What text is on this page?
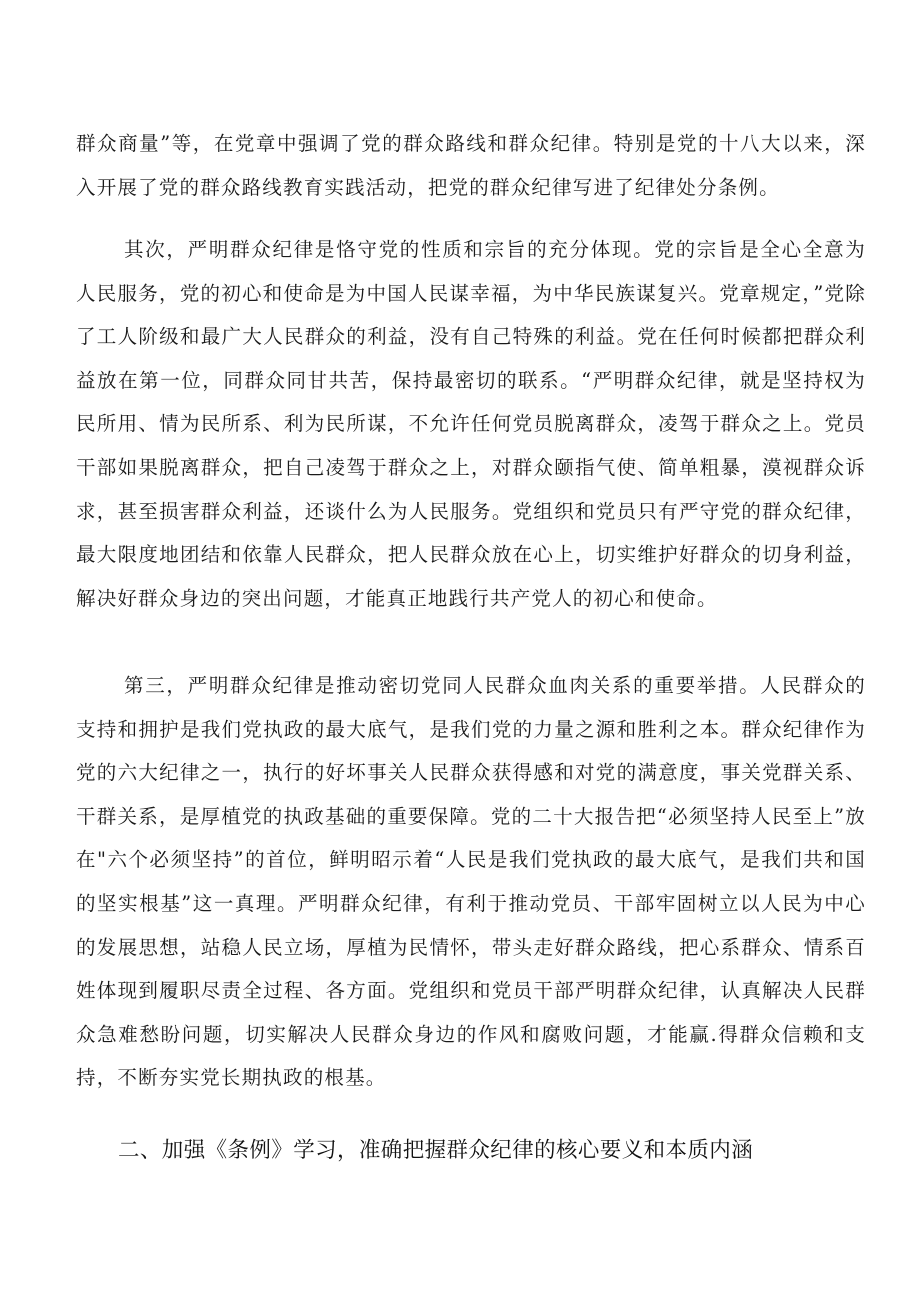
群众商量”等，在党章中强调了党的群众路线和群众纪律。特别是党的十八大以来，深入开展了党的群众路线教育实践活动，把党的群众纪律写进了纪律处分条例。

其次，严明群众纪律是恪守党的性质和宗旨的充分体现。党的宗旨是全心全意为人民服务，党的初心和使命是为中国人民谋幸福，为中华民族谋复兴。党章规定，”党除了工人阶级和最广大人民群众的利益，没有自己特殊的利益。党在任何时候都把群众利益放在第一位，同群众同甘共苦，保持最密切的联系。“严明群众纪律，就是坚持权为民所用、情为民所系、利为民所谋，不允许任何党员脱离群众，凌驾于群众之上。党员干部如果脱离群众，把自己凌驾于群众之上，对群众颐指气使、简单粗暴，漠视群众诉求，甚至损害群众利益，还谈什么为人民服务。党组织和党员只有严守党的群众纪律，最大限度地团结和依靠人民群众，把人民群众放在心上，切实维护好群众的切身利益，解决好群众身边的突出问题，才能真正地践行共产党人的初心和使命。

第三，严明群众纪律是推动密切党同人民群众血肉关系的重要举措。人民群众的支持和拥护是我们党执政的最大底气，是我们党的力量之源和胜利之本。群众纪律作为党的六大纪律之一，执行的好坏事关人民群众获得感和对党的满意度，事关党群关系、干群关系，是厚植党的执政基础的重要保障。党的二十大报告把“必须坚持人民至上”放在"六个必须坚持”的首位，鲜明昭示着“人民是我们党执政的最大底气，是我们共和国的坚实根基”这一真理。严明群众纪律，有利于推动党员、干部牢固树立以人民为中心的发展思想，站稳人民立场，厚植为民情怀，带头走好群众路线，把心系群众、情系百姓体现到履职尽责全过程、各方面。党组织和党员干部严明群众纪律，认真解决人民群众急难愁盼问题，切实解决人民群众身边的作风和腐败问题，才能赢.得群众信赖和支持，不断夯实党长期执政的根基。

二、加强《条例》学习，准确把握群众纪律的核心要义和本质内涵
